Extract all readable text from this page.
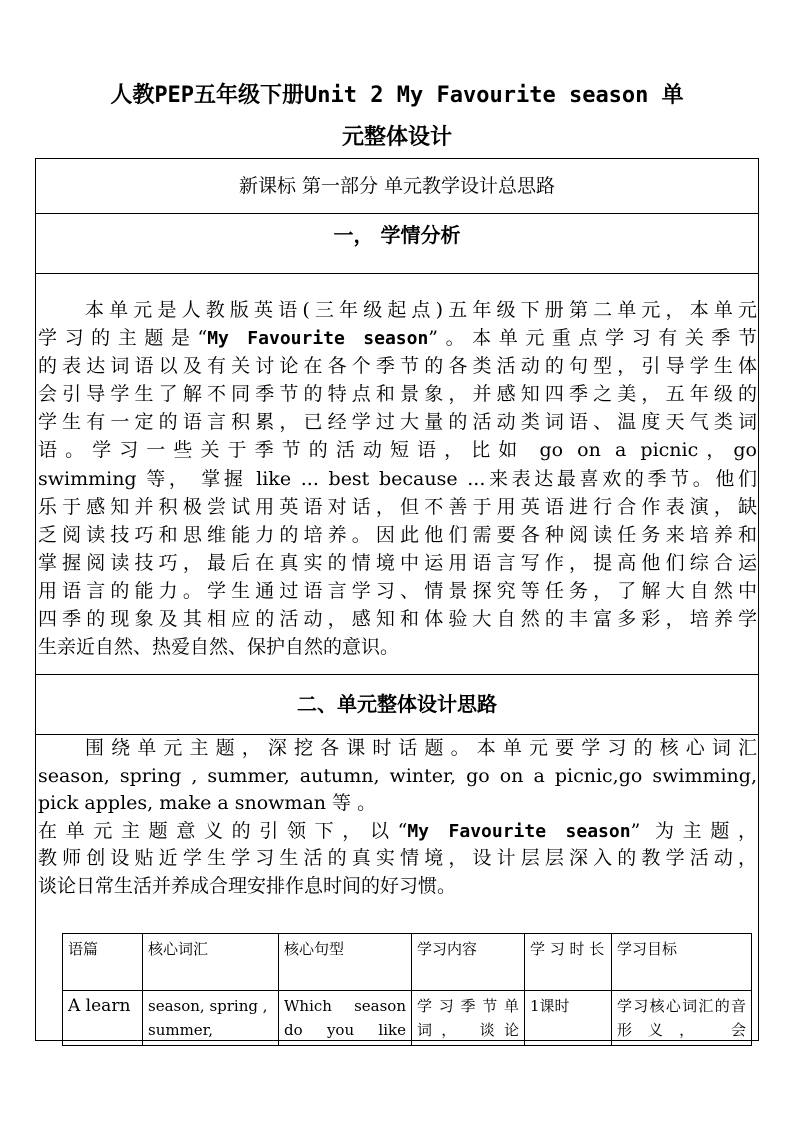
人教PEP五年级下册Unit 2 My Favourite season 单
元整体设计
新课标 第一部分 单元教学设计总思路
一， 学情分析
二、单元整体设计思路
本单元是人教版英语(三年级起点)五年级下册第二单元，本单元
学习的主题是“My Favourite season”。本单元重点学习有关季节
的表达词语以及有关讨论在各个季节的各类活动的句型，引导学生体
会引导学生了解不同季节的特点和景象，并感知四季之美，五年级的
学生有一定的语言积累，已经学过大量的活动类词语、温度天气类词
语。学习一些关于季节的活动短语，比如 go on a picnic，go
swimming 等， 掌握 like ... best because ...来表达最喜欢的季节。他们
乐于感知并积极尝试用英语对话，但不善于用英语进行合作表演，缺
乏阅读技巧和思维能力的培养。因此他们需要各种阅读任务来培养和
掌握阅读技巧，最后在真实的情境中运用语言写作，提高他们综合运
用语言的能力。学生通过语言学习、情景探究等任务，了解大自然中
四季的现象及其相应的活动，感知和体验大自然的丰富多彩，培养学
生亲近自然、热爱自然、保护自然的意识。
围绕单元主题，深挖各课时话题。本单元要学习的核心词汇
season, spring , summer, autumn, winter, go on a picnic,go swimming,
pick apples, make a snowman 等 。
在单元主题意义的引领下，以“My Favourite season” 为主题，
教师创设贴近学生学习生活的真实情境，设计层层深入的教学活动，
谈论日常生活并养成合理安排作息时间的好习惯。
语篇	核心词汇	核心句型	学习内容	学 习 时 长	学习目标
A learn	season, spring , summer,	Which season do you like	学习季节单词， 谈论	1课时	学习核心词汇的音形义， 会
